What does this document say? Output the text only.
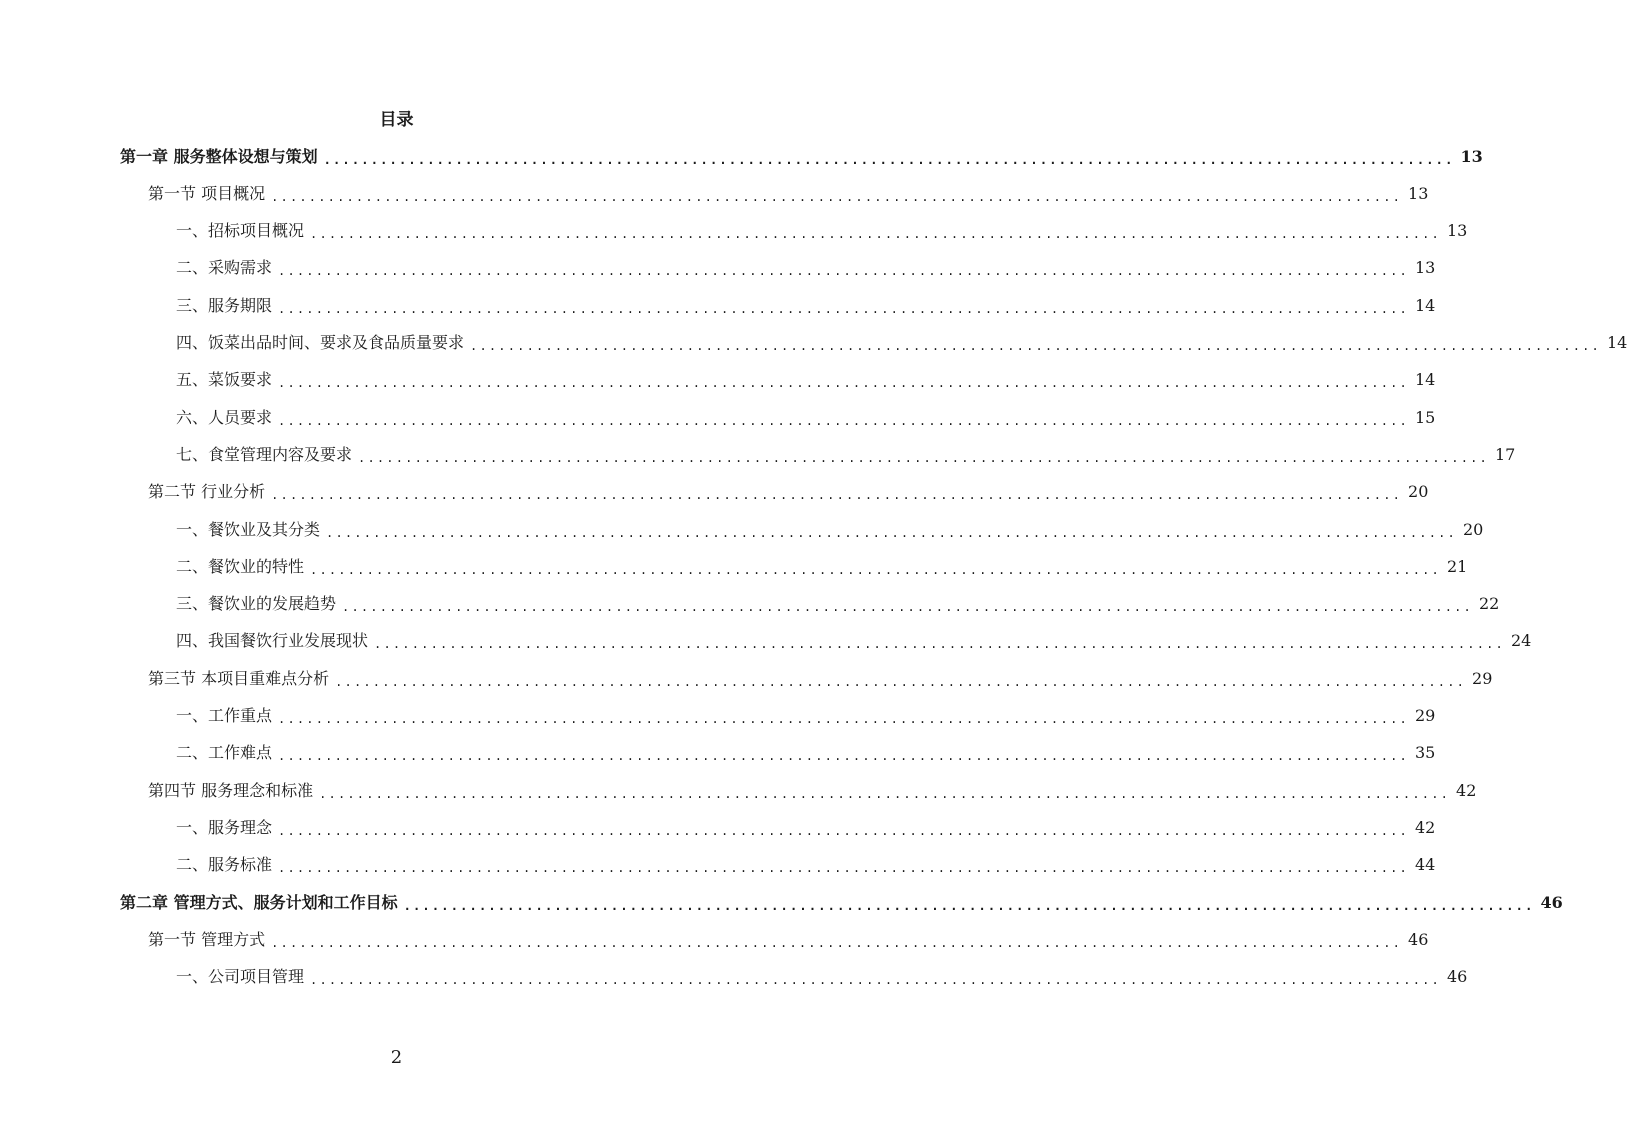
目录
第一章 服务整体设想与策划 ........................................................................................................................ 13
第一节 项目概况 ........................................................................................................................ 13
一、招标项目概况 ........................................................................................................................ 13
二、采购需求 ........................................................................................................................ 13
三、服务期限 ........................................................................................................................ 14
四、饭菜出品时间、要求及食品质量要求 ........................................................................................................................ 14
五、菜饭要求 ........................................................................................................................ 14
六、人员要求 ........................................................................................................................ 15
七、食堂管理内容及要求 ........................................................................................................................ 17
第二节 行业分析 ........................................................................................................................ 20
一、餐饮业及其分类 ........................................................................................................................ 20
二、餐饮业的特性 ........................................................................................................................ 21
三、餐饮业的发展趋势 ........................................................................................................................ 22
四、我国餐饮行业发展现状 ........................................................................................................................ 24
第三节 本项目重难点分析 ........................................................................................................................ 29
一、工作重点 ........................................................................................................................ 29
二、工作难点 ........................................................................................................................ 35
第四节 服务理念和标准 ........................................................................................................................ 42
一、服务理念 ........................................................................................................................ 42
二、服务标准 ........................................................................................................................ 44
第二章 管理方式、服务计划和工作目标 ........................................................................................................................ 46
第一节 管理方式 ........................................................................................................................ 46
一、公司项目管理 ........................................................................................................................ 46
2
